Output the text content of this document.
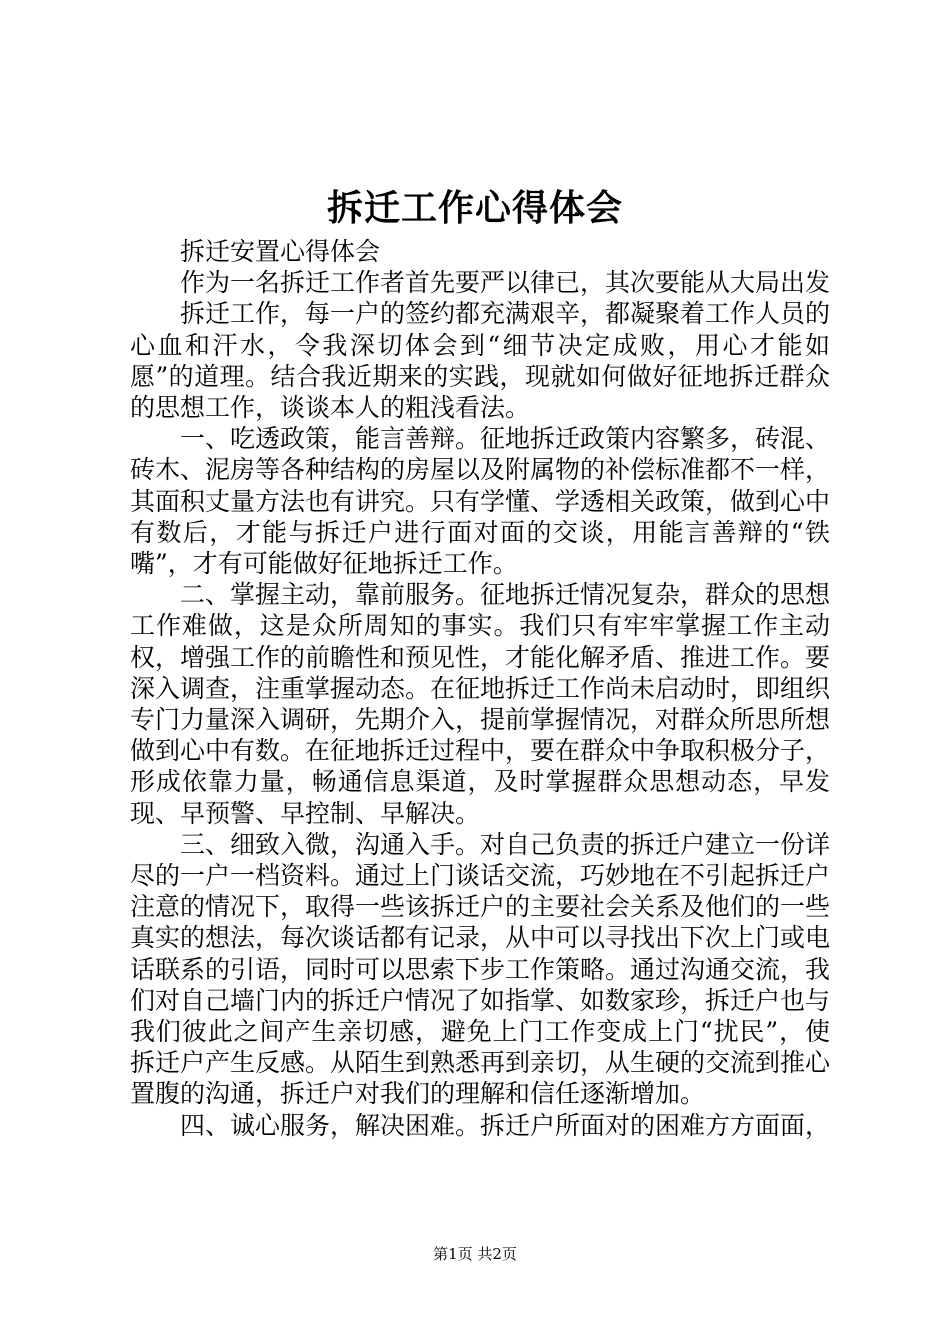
拆迁工作心得体会

拆迁安置心得体会

作为一名拆迁工作者首先要严以律已，其次要能从大局出发

拆迁工作，每一户的签约都充满艰辛，都凝聚着工作人员的心血和汗水，令我深切体会到“细节决定成败，用心才能如愿”的道理。结合我近期来的实践，现就如何做好征地拆迁群众的思想工作，谈谈本人的粗浅看法。

一、吃透政策，能言善辩。征地拆迁政策内容繁多，砖混、砖木、泥房等各种结构的房屋以及附属物的补偿标准都不一样，其面积丈量方法也有讲究。只有学懂、学透相关政策，做到心中有数后，才能与拆迁户进行面对面的交谈，用能言善辩的“铁嘴”，才有可能做好征地拆迁工作。

二、掌握主动，靠前服务。征地拆迁情况复杂，群众的思想工作难做，这是众所周知的事实。我们只有牢牢掌握工作主动权，增强工作的前瞻性和预见性，才能化解矛盾、推进工作。要深入调查，注重掌握动态。在征地拆迁工作尚未启动时，即组织专门力量深入调研，先期介入，提前掌握情况，对群众所思所想做到心中有数。在征地拆迁过程中，要在群众中争取积极分子，形成依靠力量，畅通信息渠道，及时掌握群众思想动态，早发现、早预警、早控制、早解决。

三、细致入微，沟通入手。对自己负责的拆迁户建立一份详尽的一户一档资料。通过上门谈话交流，巧妙地在不引起拆迁户注意的情况下，取得一些该拆迁户的主要社会关系及他们的一些真实的想法，每次谈话都有记录，从中可以寻找出下次上门或电话联系的引语，同时可以思索下步工作策略。通过沟通交流，我们对自己墙门内的拆迁户情况了如指掌、如数家珍，拆迁户也与我们彼此之间产生亲切感，避免上门工作变成上门“扰民”，使拆迁户产生反感。从陌生到熟悉再到亲切，从生硬的交流到推心置腹的沟通，拆迁户对我们的理解和信任逐渐增加。

四、诚心服务，解决困难。拆迁户所面对的困难方方面面，

第1页 共2页
